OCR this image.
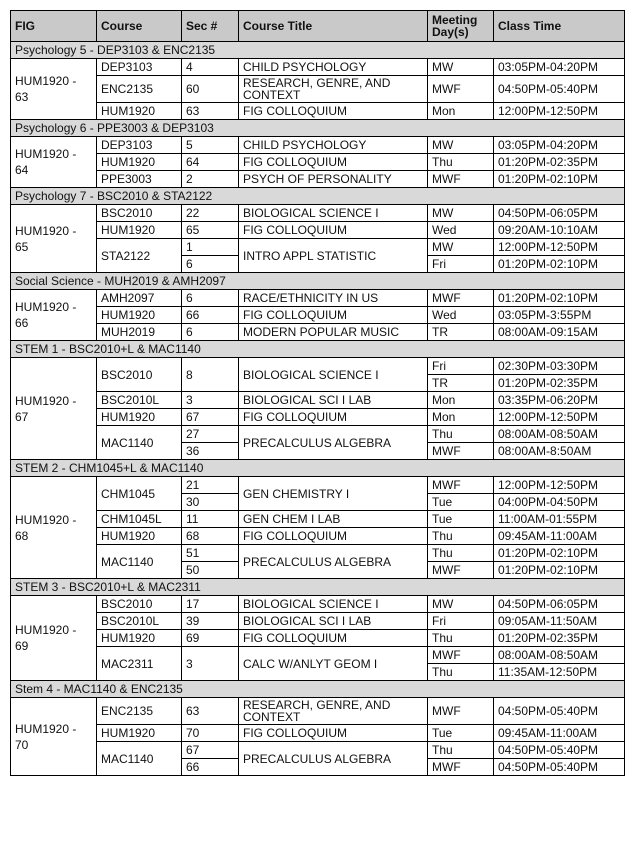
FIG	Course	Sec #	Course Title	Meeting Day(s)	Class Time
Psychology 5 - DEP3103 & ENC2135					
HUM1920 - 63	DEP3103	4	CHILD PSYCHOLOGY	MW	03:05PM-04:20PM
	ENC2135	60	RESEARCH, GENRE, AND CONTEXT	MWF	04:50PM-05:40PM
	HUM1920	63	FIG COLLOQUIUM	Mon	12:00PM-12:50PM
Psychology 6 - PPE3003 & DEP3103					
HUM1920 - 64	DEP3103	5	CHILD PSYCHOLOGY	MW	03:05PM-04:20PM
	HUM1920	64	FIG COLLOQUIUM	Thu	01:20PM-02:35PM
	PPE3003	2	PSYCH OF PERSONALITY	MWF	01:20PM-02:10PM
Psychology 7 - BSC2010 & STA2122					
HUM1920 - 65	BSC2010	22	BIOLOGICAL SCIENCE I	MW	04:50PM-06:05PM
	HUM1920	65	FIG COLLOQUIUM	Wed	09:20AM-10:10AM
	STA2122	1	INTRO APPL STATISTIC	MW	12:00PM-12:50PM
		6		Fri	01:20PM-02:10PM
Social Science - MUH2019 & AMH2097					
HUM1920 - 66	AMH2097	6	RACE/ETHNICITY IN US	MWF	01:20PM-02:10PM
	HUM1920	66	FIG COLLOQUIUM	Wed	03:05PM-3:55PM
	MUH2019	6	MODERN POPULAR MUSIC	TR	08:00AM-09:15AM
STEM 1 - BSC2010+L & MAC1140					
HUM1920 - 67	BSC2010	8	BIOLOGICAL SCIENCE I	Fri	02:30PM-03:30PM
				TR	01:20PM-02:35PM
	BSC2010L	3	BIOLOGICAL SCI I LAB	Mon	03:35PM-06:20PM
	HUM1920	67	FIG COLLOQUIUM	Mon	12:00PM-12:50PM
	MAC1140	27	PRECALCULUS ALGEBRA	Thu	08:00AM-08:50AM
		36		MWF	08:00AM-8:50AM
STEM 2 - CHM1045+L & MAC1140					
HUM1920 - 68	CHM1045	21	GEN CHEMISTRY I	MWF	12:00PM-12:50PM
		30		Tue	04:00PM-04:50PM
	CHM1045L	11	GEN CHEM I LAB	Tue	11:00AM-01:55PM
	HUM1920	68	FIG COLLOQUIUM	Thu	09:45AM-11:00AM
	MAC1140	51	PRECALCULUS ALGEBRA	Thu	01:20PM-02:10PM
		50		MWF	01:20PM-02:10PM
STEM 3 - BSC2010+L & MAC2311					
HUM1920 - 69	BSC2010	17	BIOLOGICAL SCIENCE I	MW	04:50PM-06:05PM
	BSC2010L	39	BIOLOGICAL SCI I LAB	Fri	09:05AM-11:50AM
	HUM1920	69	FIG COLLOQUIUM	Thu	01:20PM-02:35PM
	MAC2311	3	CALC W/ANLYT GEOM I	MWF	08:00AM-08:50AM
				Thu	11:35AM-12:50PM
Stem 4 - MAC1140 & ENC2135					
HUM1920 - 70	ENC2135	63	RESEARCH, GENRE, AND CONTEXT	MWF	04:50PM-05:40PM
	HUM1920	70	FIG COLLOQUIUM	Tue	09:45AM-11:00AM
	MAC1140	67	PRECALCULUS ALGEBRA	Thu	04:50PM-05:40PM
		66		MWF	04:50PM-05:40PM
